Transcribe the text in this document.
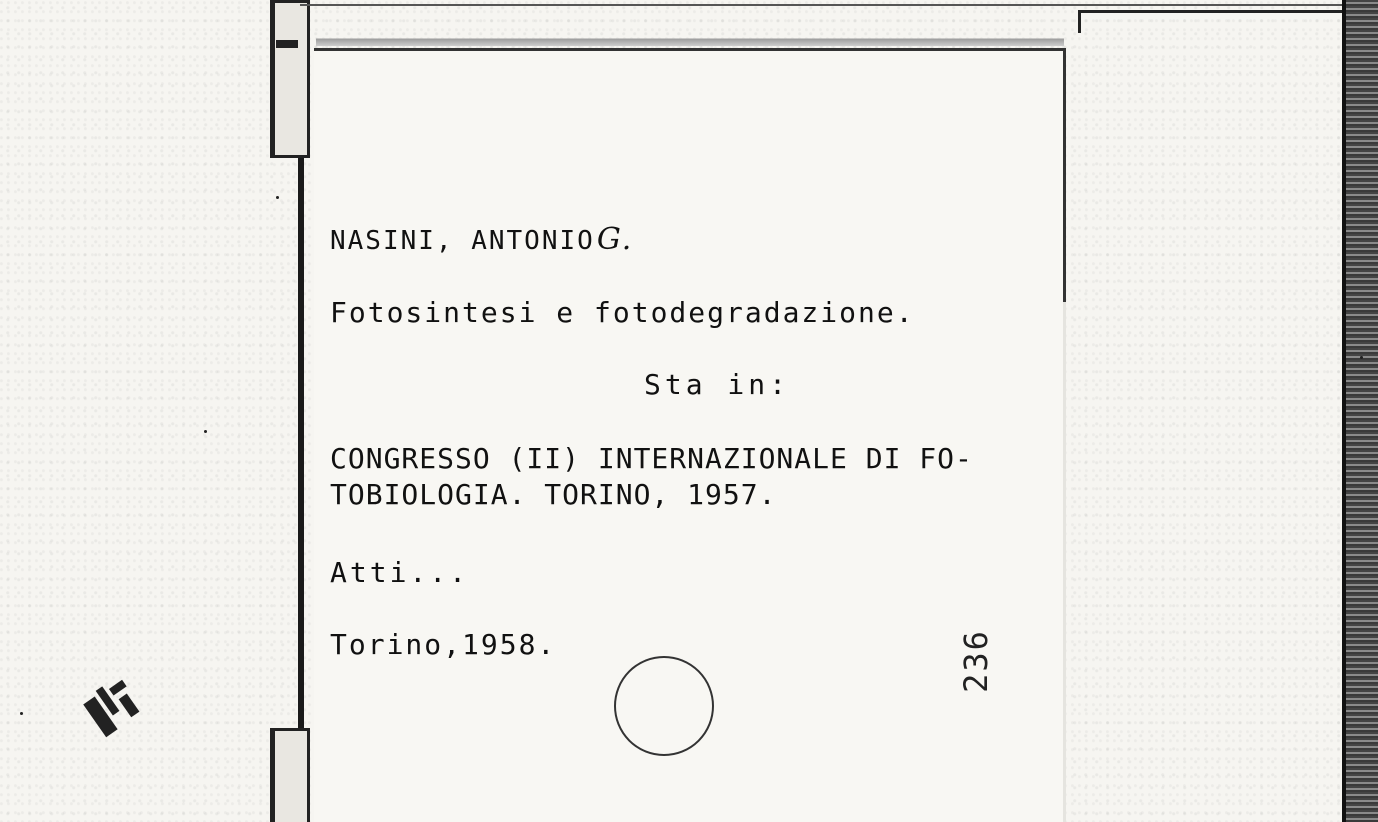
NASINI, ANTONIOG.
Fotosintesi e fotodegradazione.
Sta in:
CONGRESSO (II) INTERNAZIONALE DI FO-
TOBIOLOGIA. TORINO, 1957.
Atti...
Torino,1958.	236
